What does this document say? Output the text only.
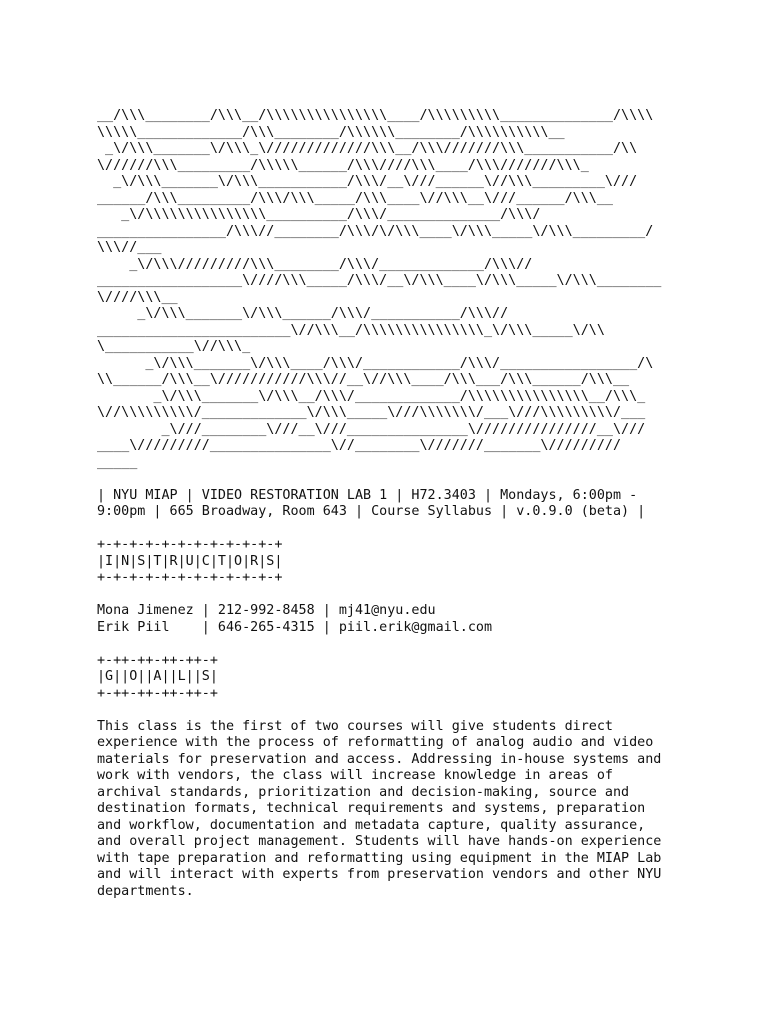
__/\\\________/\\\__/\\\\\\\\\\\\\\\____/\\\\\\\\\______________/\\\\
\\\\\_____________/\\\________/\\\\\\________/\\\\\\\\\\__
_\/\\\_______\/\\\_\/////////////\\\__/\\\///////\\\___________/\\
\//////\\\_________/\\\\\______/\\\////\\\____/\\\///////\\\_
_\/\\\_______\/\\\___________/\\\/__\///______\//\\\_________\///
______/\\\_________/\\\/\\\_____/\\\____\//\\\__\///______/\\\__
_\/\\\\\\\\\\\\\\\__________/\\\/______________/\\\/
________________/\\\//________/\\\/\/\\\____\/\\\_____\/\\\_________/
\\\//___
_\/\\\/////////\\\________/\\\/_____________/\\\//
__________________\////\\\_____/\\\/__\/\\\____\/\\\_____\/\\\________
\////\\\__
_\/\\\_______\/\\\______/\\\/___________/\\\//
________________________\//\\\__/\\\\\\\\\\\\\\\_\/\\\_____\/\\
\___________\//\\\_
_\/\\\_______\/\\\____/\\\/____________/\\\/_________________/\
\\______/\\\__\///////////\\\//__\//\\\____/\\\___/\\\______/\\\__
_\/\\\_______\/\\\__/\\\/_____________/\\\\\\\\\\\\\\\__/\\\_
\//\\\\\\\\\/_____________\/\\\_____\///\\\\\\\/___\///\\\\\\\\\/___
_\///________\///__\///_______________\///////////////__\///
____\/////////_______________\//________\///////_______\/////////
_____
| NYU MIAP | VIDEO RESTORATION LAB 1 | H72.3403 | Mondays, 6:00pm -
9:00pm | 665 Broadway, Room 643 | Course Syllabus | v.0.9.0 (beta) |
+-+-+-+-+-+-+-+-+-+-+-+
|I|N|S|T|R|U|C|T|O|R|S|
+-+-+-+-+-+-+-+-+-+-+-+
Mona Jimenez | 212-992-8458 | mj41@nyu.edu
Erik Piil    | 646-265-4315 | piil.erik@gmail.com
+-++-++-++-++-+
|G||O||A||L||S|
+-++-++-++-++-+
This class is the first of two courses will give students direct
experience with the process of reformatting of analog audio and video
materials for preservation and access. Addressing in-house systems and
work with vendors, the class will increase knowledge in areas of
archival standards, prioritization and decision-making, source and
destination formats, technical requirements and systems, preparation
and workflow, documentation and metadata capture, quality assurance,
and overall project management. Students will have hands-on experience
with tape preparation and reformatting using equipment in the MIAP Lab
and will interact with experts from preservation vendors and other NYU
departments.
